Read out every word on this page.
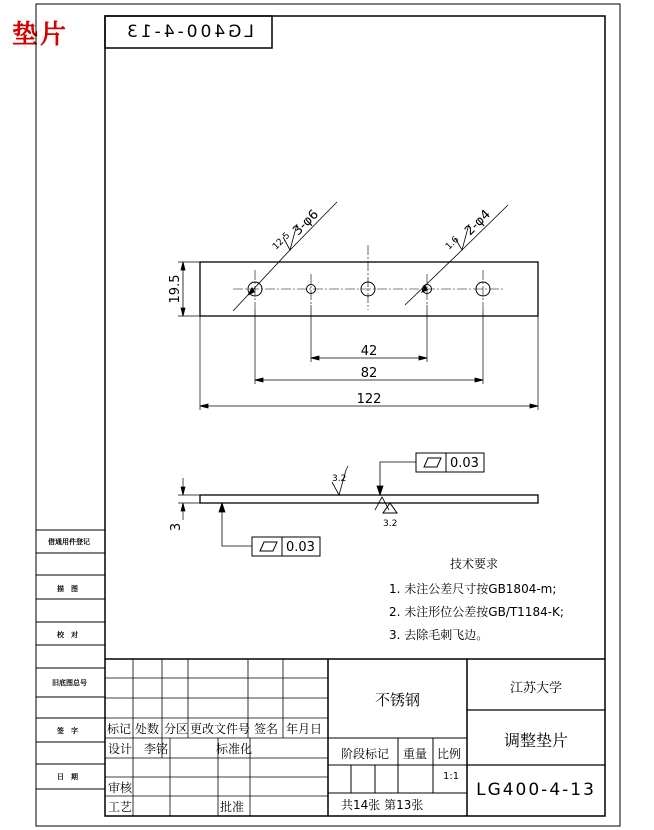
垫片	LG400-4-13
42
82
122
19.5
3-φ6
12.5
2-φ4
1.6
3
3.2
0.03
3.2
0.03
技术要求
1. 未注公差尺寸按GB1804-m;
2. 未注形位公差按GB/T1184-K;
3. 去除毛刺飞边。
借通用件登记
描　图
校　对
旧底图总号
签　字
日　期
标记 处数 分区 更改文件号 签名 年月日
设计 李铭	标准化
审核
工艺	批准
不锈钢
阶段标记 重量 比例
1:1
共14张 第13张
江苏大学
调整垫片
LG400-4-13
